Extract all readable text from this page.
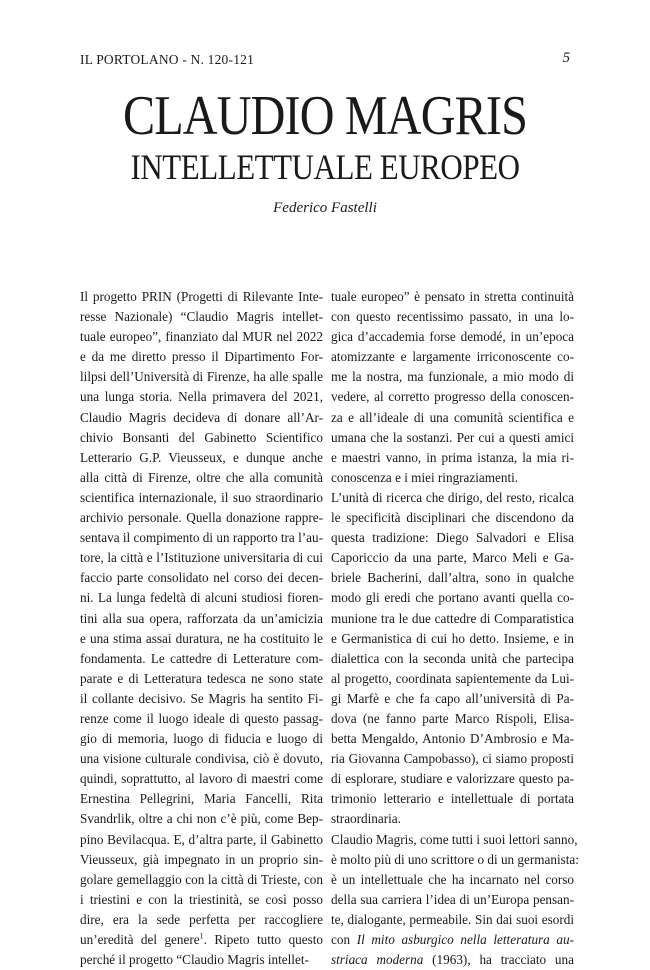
IL PORTOLANO - N. 120-121	5
CLAUDIO MAGRIS
INTELLETTUALE EUROPEO
Federico Fastelli
Il progetto PRIN (Progetti di Rilevante Inte-
resse Nazionale) “Claudio Magris intellet-
tuale europeo”, finanziato dal MUR nel 2022
e da me diretto presso il Dipartimento For-
lilpsi dell’Università di Firenze, ha alle spalle
una lunga storia. Nella primavera del 2021,
Claudio Magris decideva di donare all’Ar-
chivio Bonsanti del Gabinetto Scientifico
Letterario G.P. Vieusseux, e dunque anche
alla città di Firenze, oltre che alla comunità
scientifica internazionale, il suo straordinario
archivio personale. Quella donazione rappre-
sentava il compimento di un rapporto tra l’au-
tore, la città e l’Istituzione universitaria di cui
faccio parte consolidato nel corso dei decen-
ni. La lunga fedeltà di alcuni studiosi fioren-
tini alla sua opera, rafforzata da un’amicizia
e una stima assai duratura, ne ha costituito le
fondamenta. Le cattedre di Letterature com-
parate e di Letteratura tedesca ne sono state
il collante decisivo. Se Magris ha sentito Fi-
renze come il luogo ideale di questo passag-
gio di memoria, luogo di fiducia e luogo di
una visione culturale condivisa, ciò è dovuto,
quindi, soprattutto, al lavoro di maestri come
Ernestina Pellegrini, Maria Fancelli, Rita
Svandrlik, oltre a chi non c’è più, come Bep-
pino Bevilacqua. E, d’altra parte, il Gabinetto
Vieusseux, già impegnato in un proprio sin-
golare gemellaggio con la città di Trieste, con
i triestini e con la triestinità, se così posso
dire, era la sede perfetta per raccogliere
un’eredità del genere$^1$. Ripeto tutto questo
perché il progetto “Claudio Magris intellet-
tuale europeo” è pensato in stretta continuità
con questo recentissimo passato, in una lo-
gica d’accademia forse demodé, in un’epoca
atomizzante e largamente irriconoscente co-
me la nostra, ma funzionale, a mio modo di
vedere, al corretto progresso della conoscen-
za e all’ideale di una comunità scientifica e
umana che la sostanzi. Per cui a questi amici
e maestri vanno, in prima istanza, la mia ri-
conoscenza e i miei ringraziamenti.
L’unità di ricerca che dirigo, del resto, ricalca
le specificità disciplinari che discendono da
questa tradizione: Diego Salvadori e Elisa
Caporiccio da una parte, Marco Meli e Ga-
briele Bacherini, dall’altra, sono in qualche
modo gli eredi che portano avanti quella co-
munione tra le due cattedre di Comparatistica
e Germanistica di cui ho detto. Insieme, e in
dialettica con la seconda unità che partecipa
al progetto, coordinata sapientemente da Lui-
gi Marfè e che fa capo all’università di Pa-
dova (ne fanno parte Marco Rispoli, Elisa-
betta Mengaldo, Antonio D’Ambrosio e Ma-
ria Giovanna Campobasso), ci siamo proposti
di esplorare, studiare e valorizzare questo pa-
trimonio letterario e intellettuale di portata
straordinaria.
Claudio Magris, come tutti i suoi lettori sanno,
è molto più di uno scrittore o di un germanista:
è un intellettuale che ha incarnato nel corso
della sua carriera l’idea di un’Europa pensan-
te, dialogante, permeabile. Sin dai suoi esordi
con Il mito asburgico nella letteratura au-
striaca moderna (1963), ha tracciato una
